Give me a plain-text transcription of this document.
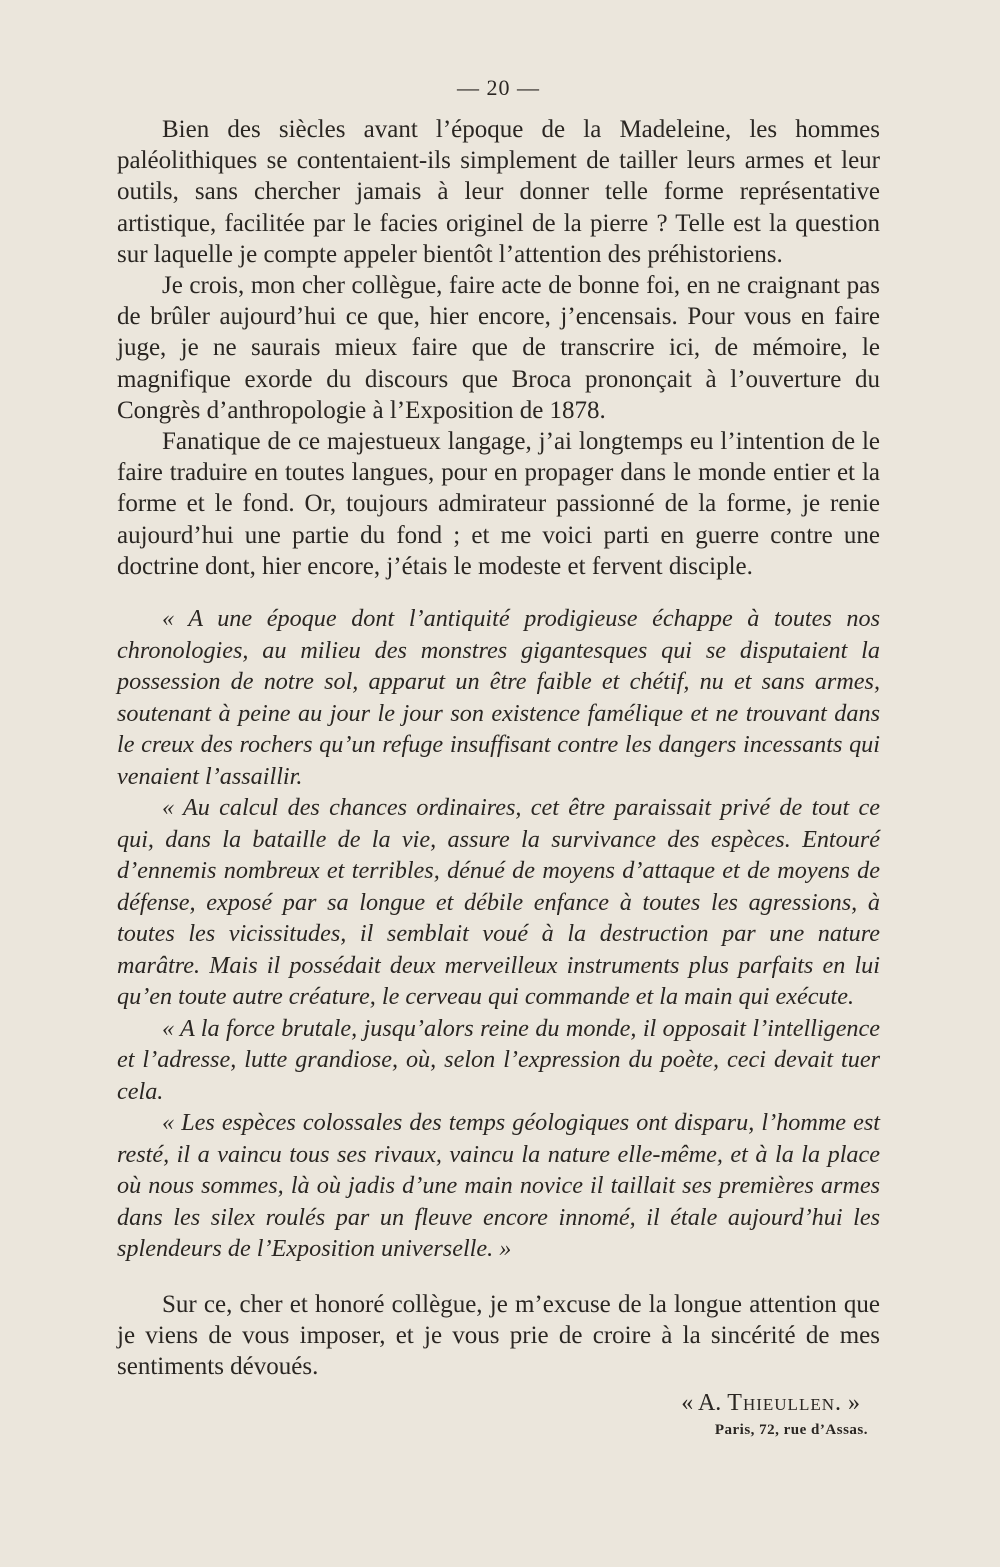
— 20 —

Bien des siècles avant l’époque de la Madeleine, les hommes paléolithiques se contentaient-ils simplement de tailler leurs armes et leur outils, sans chercher jamais à leur donner telle forme représentative artistique, facilitée par le facies originel de la pierre ? Telle est la question sur laquelle je compte appeler bientôt l’attention des préhistoriens.

Je crois, mon cher collègue, faire acte de bonne foi, en ne craignant pas de brûler aujourd’hui ce que, hier encore, j’encensais. Pour vous en faire juge, je ne saurais mieux faire que de transcrire ici, de mémoire, le magnifique exorde du discours que Broca prononçait à l’ouverture du Congrès d’anthropologie à l’Exposition de 1878.

Fanatique de ce majestueux langage, j’ai longtemps eu l’intention de le faire traduire en toutes langues, pour en propager dans le monde entier et la forme et le fond. Or, toujours admirateur passionné de la forme, je renie aujourd’hui une partie du fond ; et me voici parti en guerre contre une doctrine dont, hier encore, j’étais le modeste et fervent disciple.

« A une époque dont l’antiquité prodigieuse échappe à toutes nos chronologies, au milieu des monstres gigantesques qui se disputaient la possession de notre sol, apparut un être faible et chétif, nu et sans armes, soutenant à peine au jour le jour son existence famélique et ne trouvant dans le creux des rochers qu’un refuge insuffisant contre les dangers incessants qui venaient l’assaillir.

« Au calcul des chances ordinaires, cet être paraissait privé de tout ce qui, dans la bataille de la vie, assure la survivance des espèces. Entouré d’ennemis nombreux et terribles, dénué de moyens d’attaque et de moyens de défense, exposé par sa longue et débile enfance à toutes les agressions, à toutes les vicissitudes, il semblait voué à la destruction par une nature marâtre. Mais il possédait deux merveilleux instruments plus parfaits en lui qu’en toute autre créature, le cerveau qui commande et la main qui exécute.

« A la force brutale, jusqu’alors reine du monde, il opposait l’intelligence et l’adresse, lutte grandiose, où, selon l’expression du poète, ceci devait tuer cela.

« Les espèces colossales des temps géologiques ont disparu, l’homme est resté, il a vaincu tous ses rivaux, vaincu la nature elle-même, et à la la place où nous sommes, là où jadis d’une main novice il taillait ses premières armes dans les silex roulés par un fleuve encore innomé, il étale aujourd’hui les splendeurs de l’Exposition universelle. »

Sur ce, cher et honoré collègue, je m’excuse de la longue attention que je viens de vous imposer, et je vous prie de croire à la sincérité de mes sentiments dévoués.

« A. Thieullen. »
Paris, 72, rue d’Assas.
